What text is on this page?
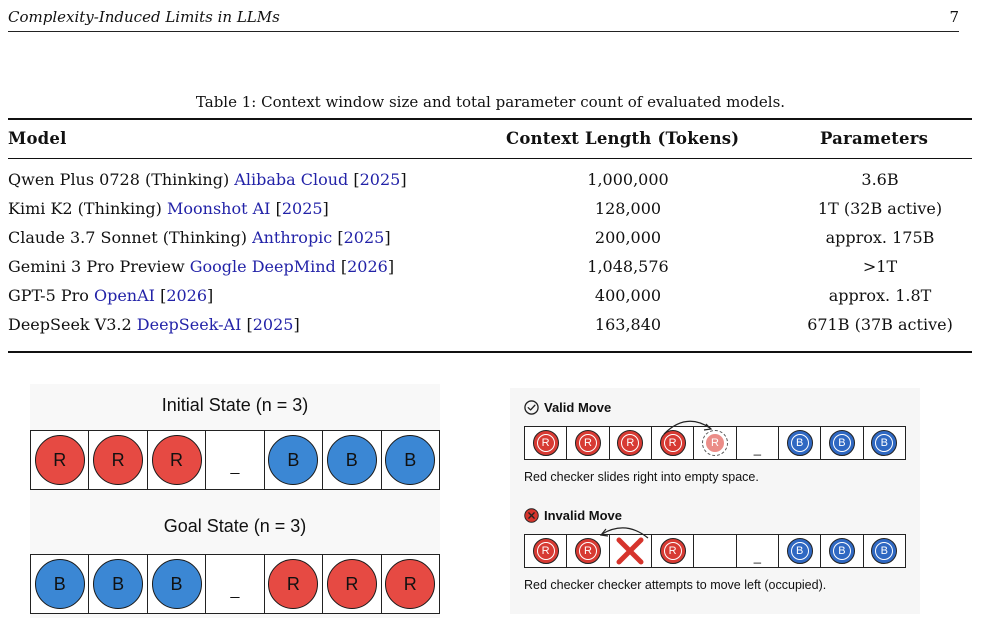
Complexity-Induced Limits in LLMs	7
Table 1: Context window size and total parameter count of evaluated models.
Model	Context Length (Tokens)	Parameters
Qwen Plus 0728 (Thinking) Alibaba Cloud [2025]	1,000,000	3.6B
Kimi K2 (Thinking) Moonshot AI [2025]	128,000	1T (32B active)
Claude 3.7 Sonnet (Thinking) Anthropic [2025]	200,000	approx. 175B
Gemini 3 Pro Preview Google DeepMind [2026]	1,048,576	>1T
GPT-5 Pro OpenAI [2026]	400,000	approx. 1.8T
DeepSeek V3.2 DeepSeek-AI [2025]	163,840	671B (37B active)
Initial State (n = 3)
R	R	R	_	B	B	B
Goal State (n = 3)
B	B	B	_	R	R	R
Valid Move
R	R	R	R	R	_	B	B	B
Red checker slides right into empty space.
Invalid Move
R	R	R	_	B	B	B
Red checker checker attempts to move left (occupied).
